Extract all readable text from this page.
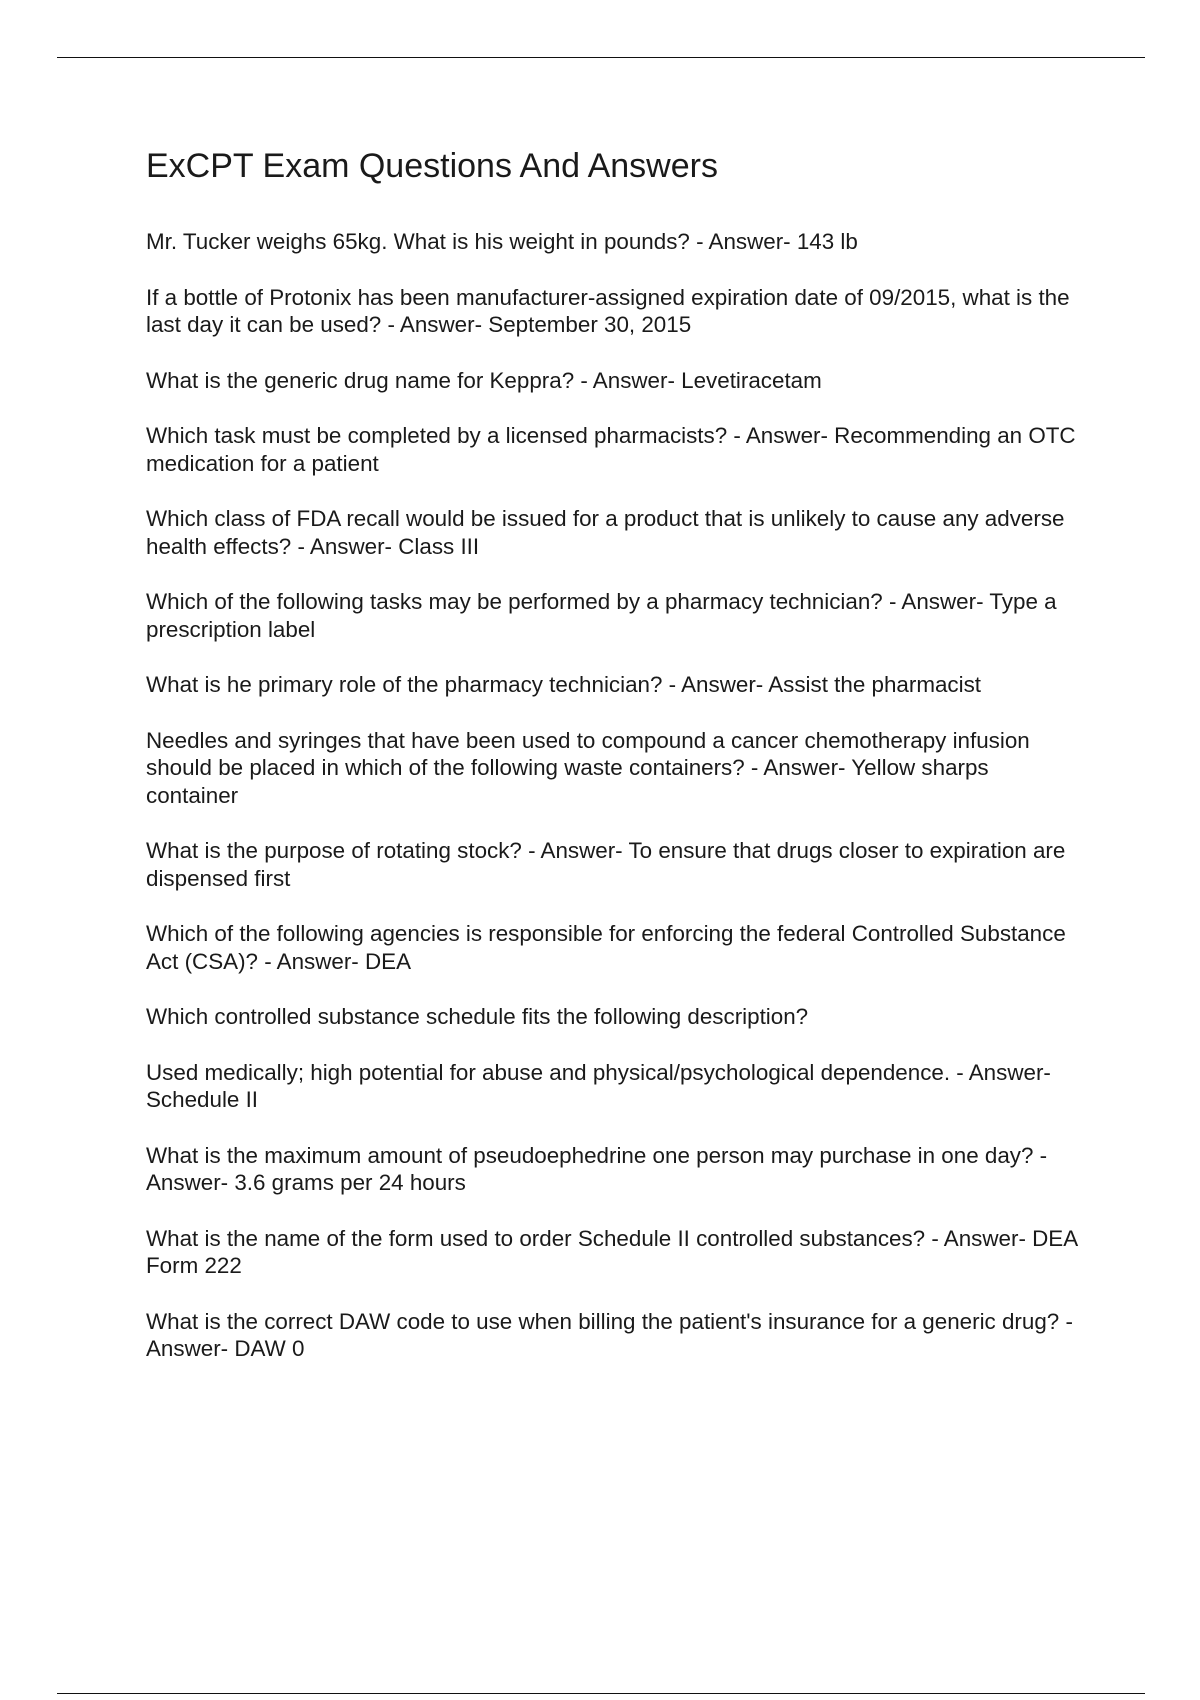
ExCPT Exam Questions And Answers

Mr. Tucker weighs 65kg. What is his weight in pounds? - Answer- 143 lb

If a bottle of Protonix has been manufacturer-assigned expiration date of 09/2015, what is the last day it can be used? - Answer- September 30, 2015

What is the generic drug name for Keppra? - Answer- Levetiracetam

Which task must be completed by a licensed pharmacists? - Answer- Recommending an OTC medication for a patient

Which class of FDA recall would be issued for a product that is unlikely to cause any adverse health effects? - Answer- Class III

Which of the following tasks may be performed by a pharmacy technician? - Answer- Type a prescription label

What is he primary role of the pharmacy technician? - Answer- Assist the pharmacist

Needles and syringes that have been used to compound a cancer chemotherapy infusion should be placed in which of the following waste containers? - Answer- Yellow sharps container

What is the purpose of rotating stock? - Answer- To ensure that drugs closer to expiration are dispensed first

Which of the following agencies is responsible for enforcing the federal Controlled Substance Act (CSA)? - Answer- DEA

Which controlled substance schedule fits the following description?

Used medically; high potential for abuse and physical/psychological dependence. - Answer- Schedule II

What is the maximum amount of pseudoephedrine one person may purchase in one day? - Answer- 3.6 grams per 24 hours

What is the name of the form used to order Schedule II controlled substances? - Answer- DEA Form 222

What is the correct DAW code to use when billing the patient's insurance for a generic drug? - Answer- DAW 0
